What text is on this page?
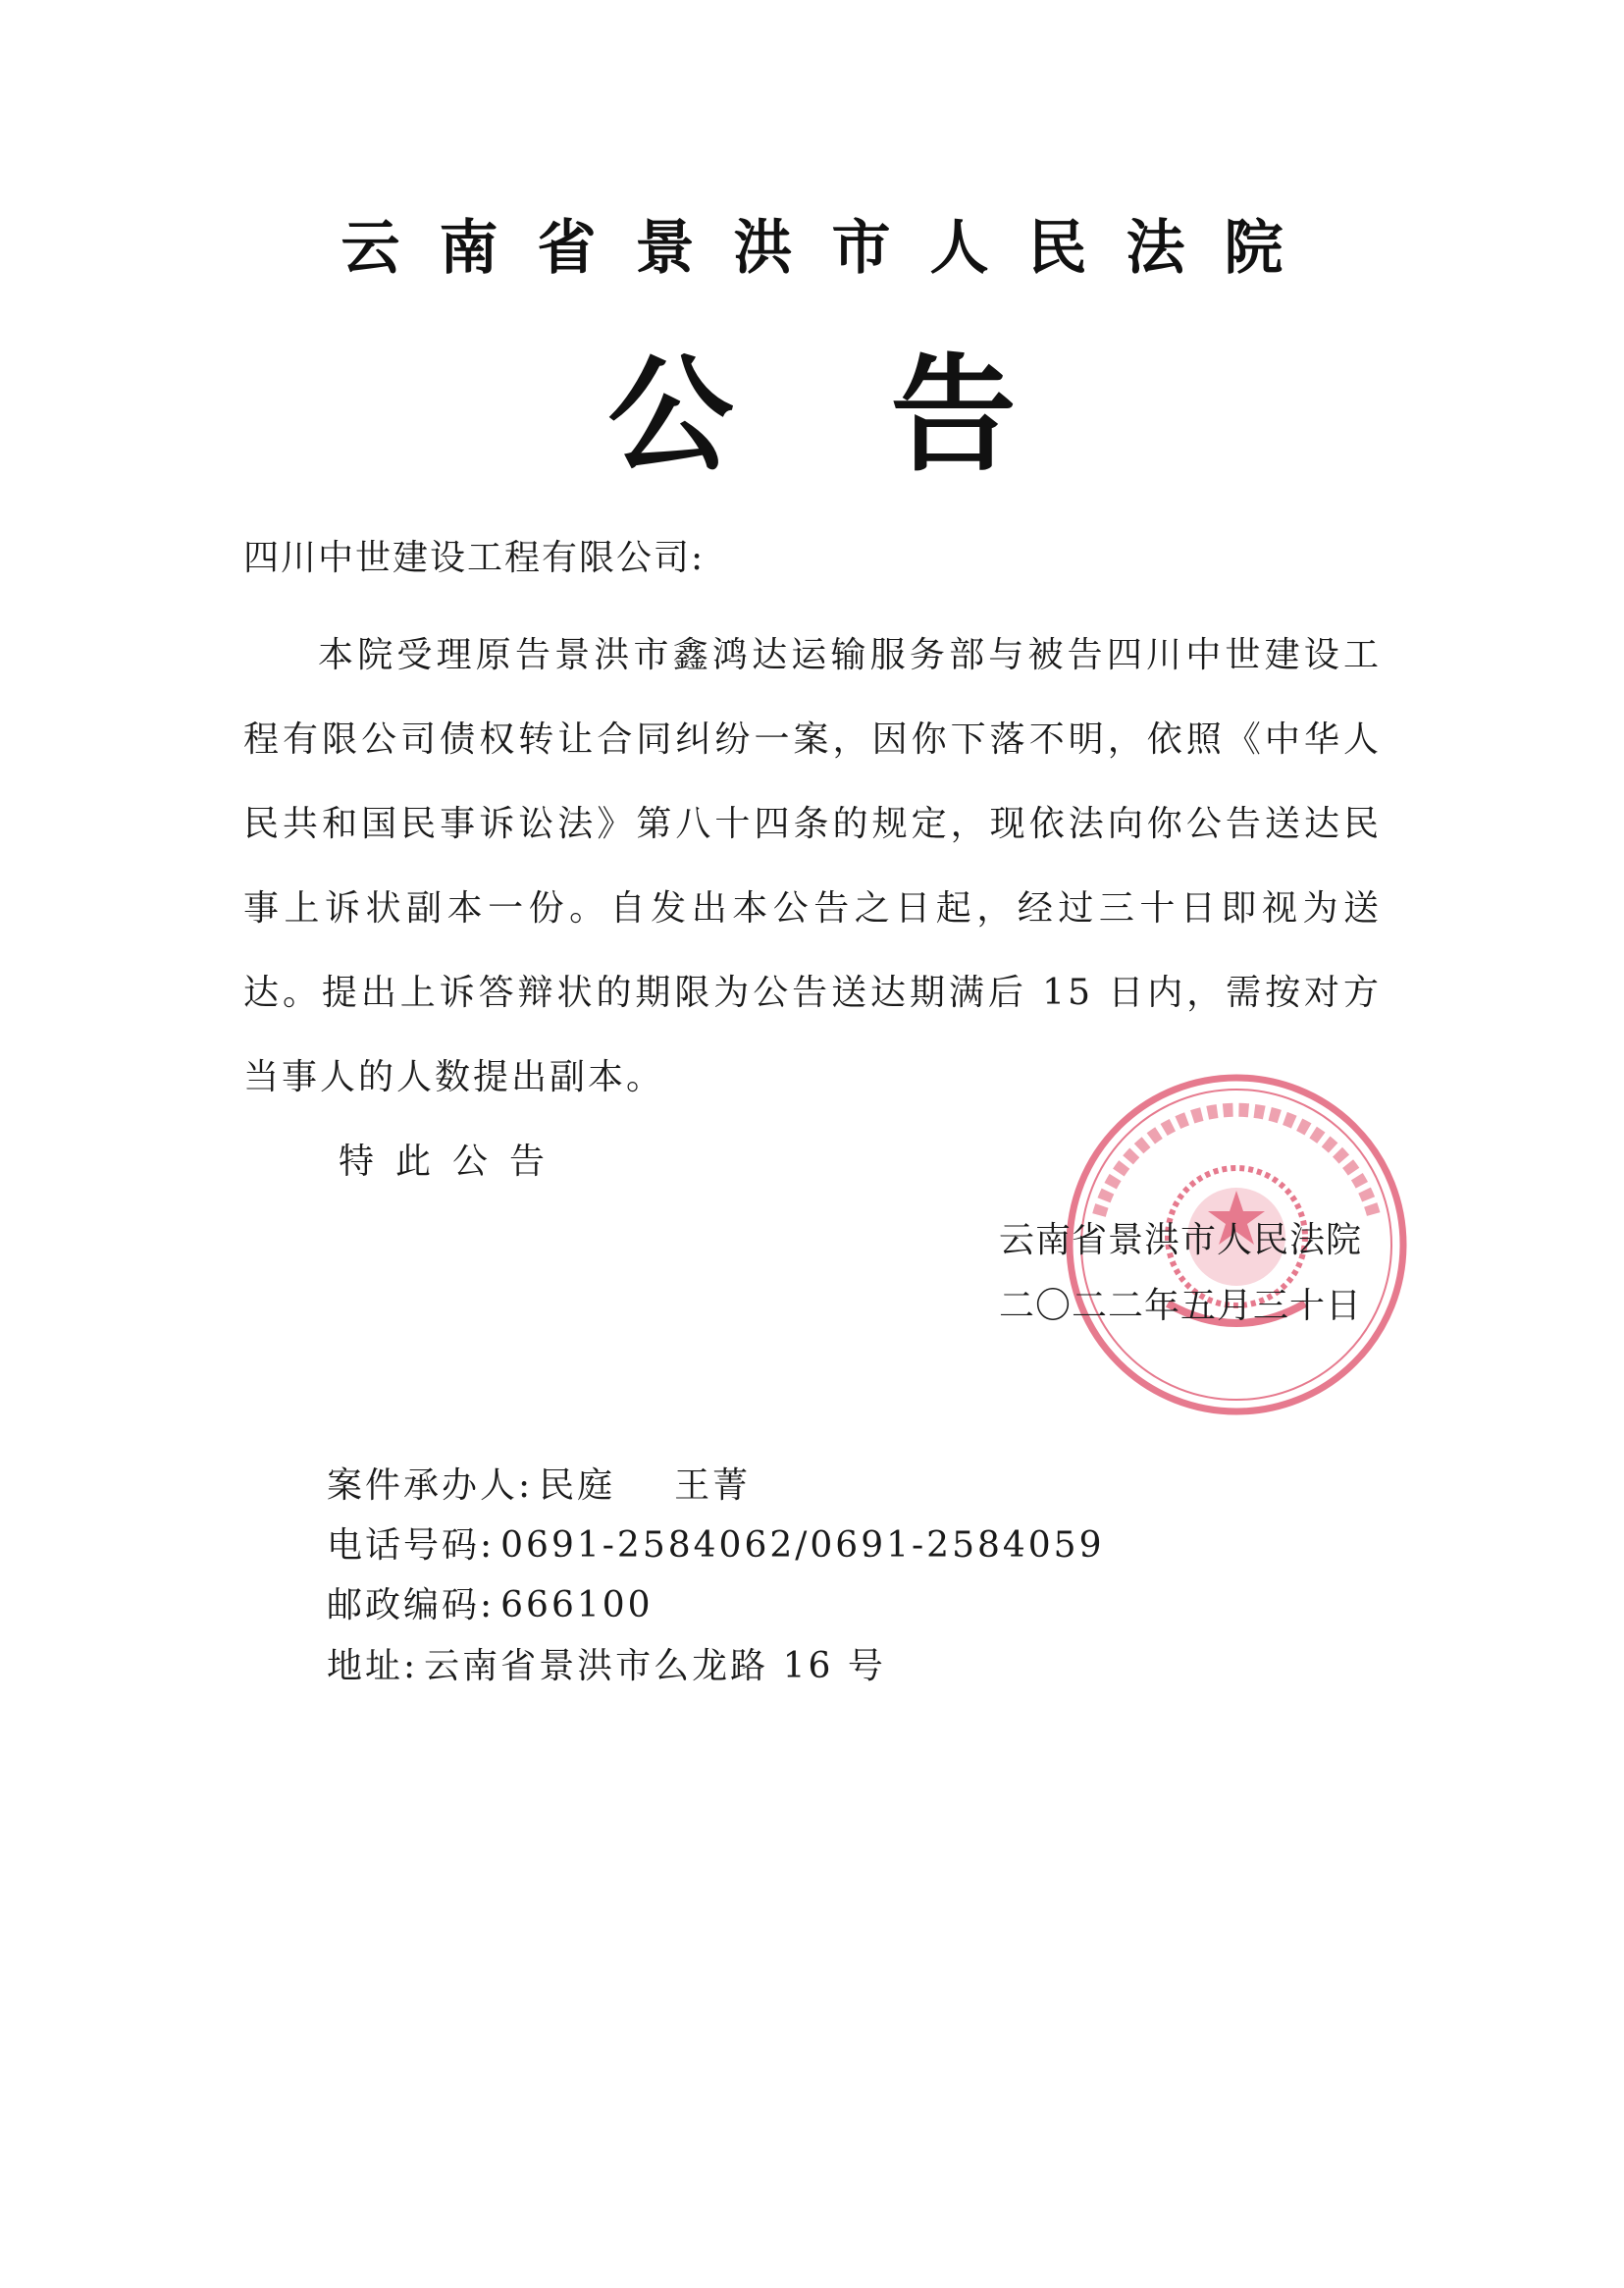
云南省景洪市人民法院
公告
四川中世建设工程有限公司:
本院受理原告景洪市鑫鸿达运输服务部与被告四川中世建设工程有限公司债权转让合同纠纷一案，因你下落不明，依照《中华人民共和国民事诉讼法》第八十四条的规定，现依法向你公告送达民事上诉状副本一份。自发出本公告之日起，经过三十日即视为送达。提出上诉答辩状的期限为公告送达期满后 15 日内，需按对方当事人的人数提出副本。
特此公告
云南省景洪市人民法院
二〇二二年五月三十日
案件承办人: 民庭 王菁
电话号码: 0691-2584062/0691-2584059
邮政编码: 666100
地址: 云南省景洪市么龙路 16 号
